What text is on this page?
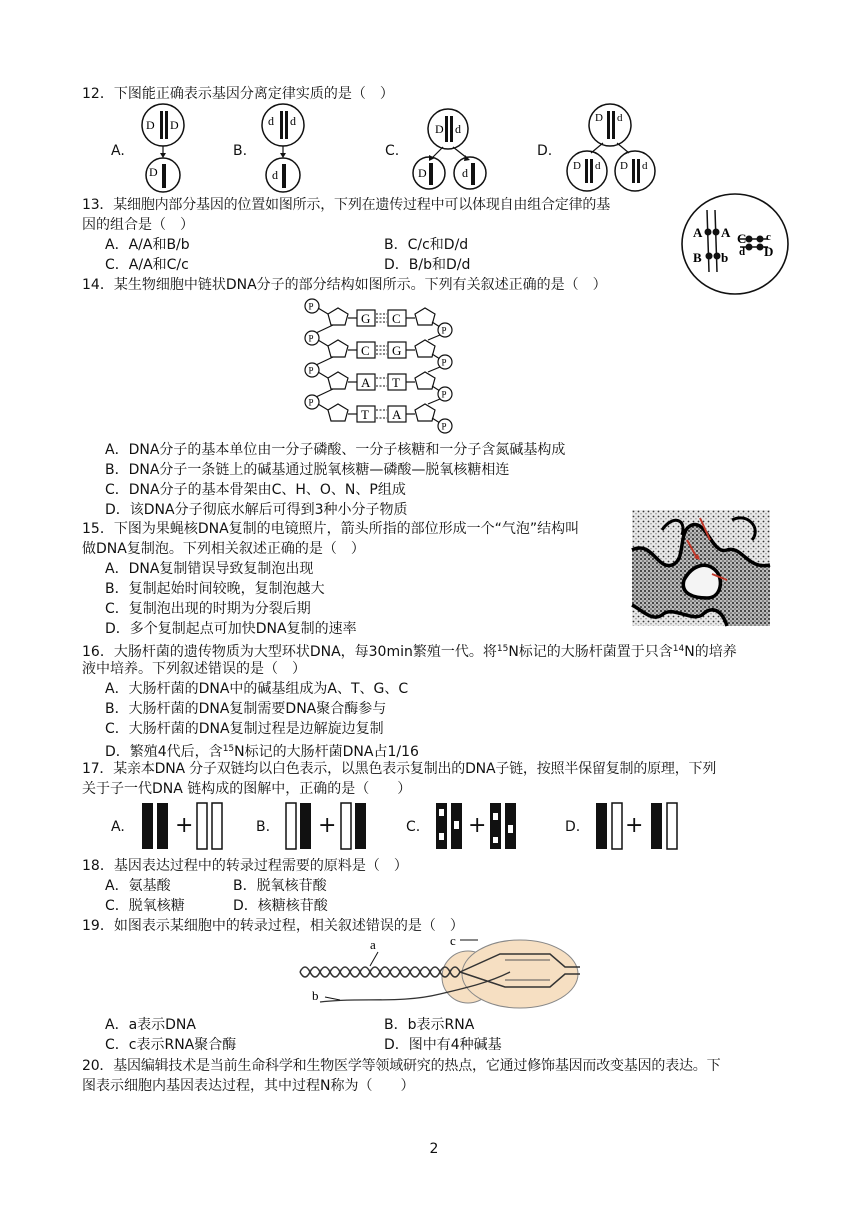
12．下图能正确表示基因分离定律实质的是（　）
A.	B.	C.	D.
D D
D
d d
d
D d
D	d
D d
D d D d
13．某细胞内部分基因的位置如图所示，下列在遗传过程中可以体现自由组合定律的基
因的组合是（　）
A．A/A和B/b	B．C/c和D/d
C．A/A和C/c	D．B/b和D/d
A A
B b
C c
d D
14．某生物细胞中链状DNA分子的部分结构如图所示。下列有关叙述正确的是（　）
P
G C
P
P
C G
P
P
A T
P
P
T A
P
A．DNA分子的基本单位由一分子磷酸、一分子核糖和一分子含氮碱基构成
B．DNA分子一条链上的碱基通过脱氧核糖—磷酸—脱氧核糖相连
C．DNA分子的基本骨架由C、H、O、N、P组成
D．该DNA分子彻底水解后可得到3种小分子物质
15．下图为果蝇核DNA复制的电镜照片，箭头所指的部位形成一个“气泡”结构叫
做DNA复制泡。下列相关叙述正确的是（　）
A．DNA复制错误导致复制泡出现
B．复制起始时间较晚，复制泡越大
C．复制泡出现的时期为分裂后期
D．多个复制起点可加快DNA复制的速率
16．大肠杆菌的遗传物质为大型环状DNA，每30min繁殖一代。将$^{15}$N标记的大肠杆菌置于只含$^{14}$N的培养
液中培养。下列叙述错误的是（　）
A．大肠杆菌的DNA中的碱基组成为A、T、G、C
B．大肠杆菌的DNA复制需要DNA聚合酶参与
C．大肠杆菌的DNA复制过程是边解旋边复制
D．繁殖4代后，含$^{15}$N标记的大肠杆菌DNA占1/16
17．某亲本DNA 分子双链均以白色表示，以黑色表示复制出的DNA子链，按照半保留复制的原理，下列
关于子一代DNA 链构成的图解中，正确的是（　　）
A.	B.	C.	D.
+	+	+	+
18．基因表达过程中的转录过程需要的原料是（　）
A．氨基酸	B．脱氧核苷酸
C．脱氧核糖	D．核糖核苷酸
19．如图表示某细胞中的转录过程，相关叙述错误的是（　）
a	c
b
A．a表示DNA	B．b表示RNA
C．c表示RNA聚合酶	D．图中有4种碱基
20．基因编辑技术是当前生命科学和生物医学等领域研究的热点，它通过修饰基因而改变基因的表达。下
图表示细胞内基因表达过程，其中过程N称为（　　）
2
